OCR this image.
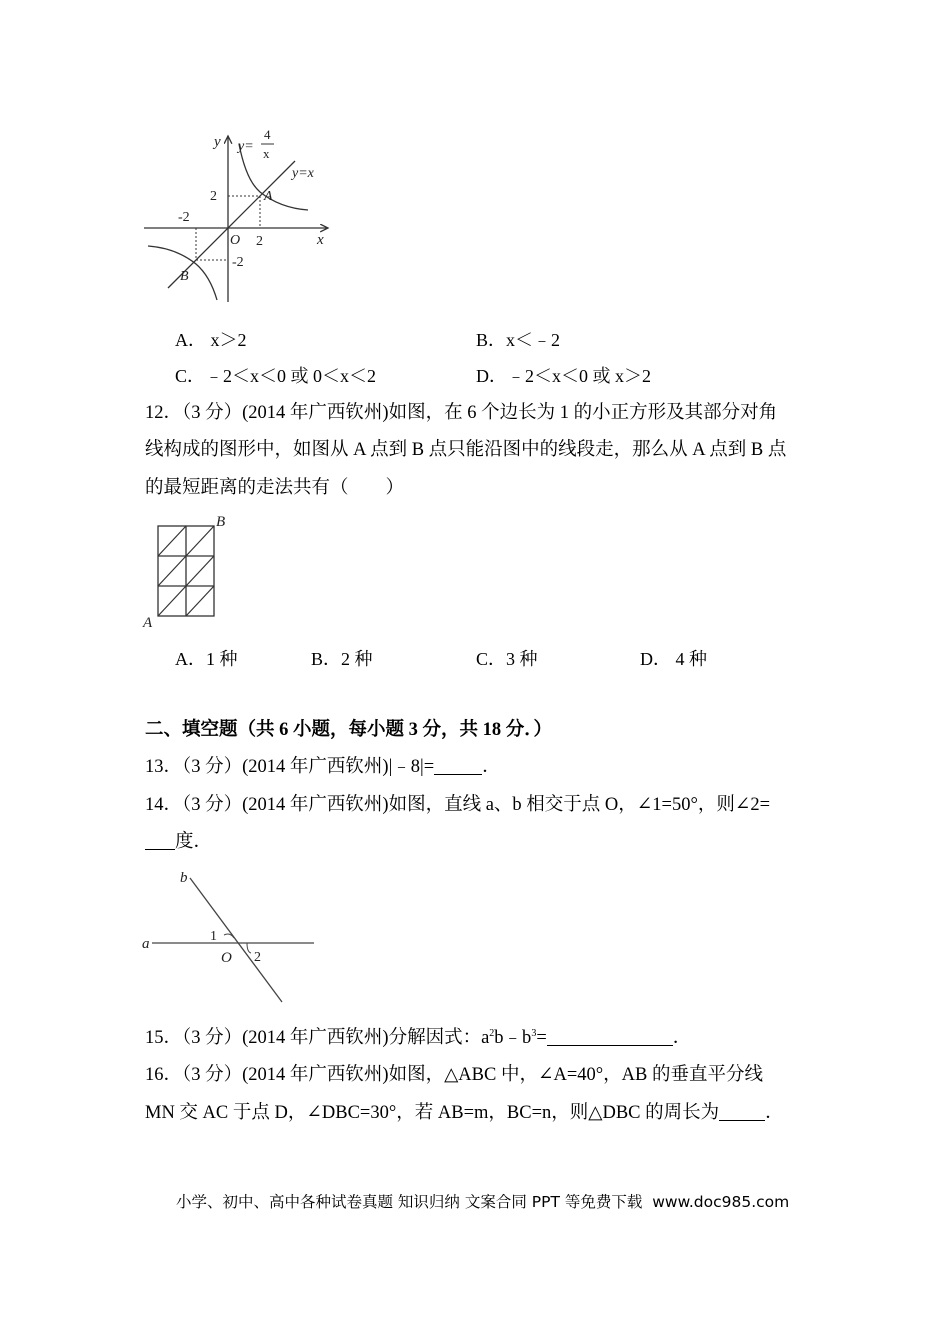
y
x
y=
4
x
y=x
2
-2
O 2
-2
A
B
A． x＞2	B．x＜﹣2
C．﹣2＜x＜0 或 0＜x＜2	D．﹣2＜x＜0 或 x＞2
12．（3 分）(2014 年广西钦州)如图，在 6 个边长为 1 的小正方形及其部分对角
线构成的图形中，如图从 A 点到 B 点只能沿图中的线段走，那么从 A 点到 B 点
的最短距离的走法共有（　　）
B
A
A．1 种	B．2 种	C．3 种	D． 4 种
二、填空题（共 6 小题，每小题 3 分，共 18 分．）
13．（3 分）(2014 年广西钦州)|﹣8|=	．
14．（3 分）(2014 年广西钦州)如图，直线 a、b 相交于点 O，∠1=50°，则∠2=
度．
b
a	1
O 2
15．（3 分）(2014 年广西钦州)分解因式：$a^2b﹣b^3=$	．
16．（3 分）(2014 年广西钦州)如图，△ABC 中，∠A=40°，AB 的垂直平分线
MN 交 AC 于点 D，∠DBC=30°，若 AB=m，BC=n，则△DBC 的周长为 ．
小学、初中、高中各种试卷真题 知识归纳 文案合同 PPT 等免费下载 www.doc985.com
